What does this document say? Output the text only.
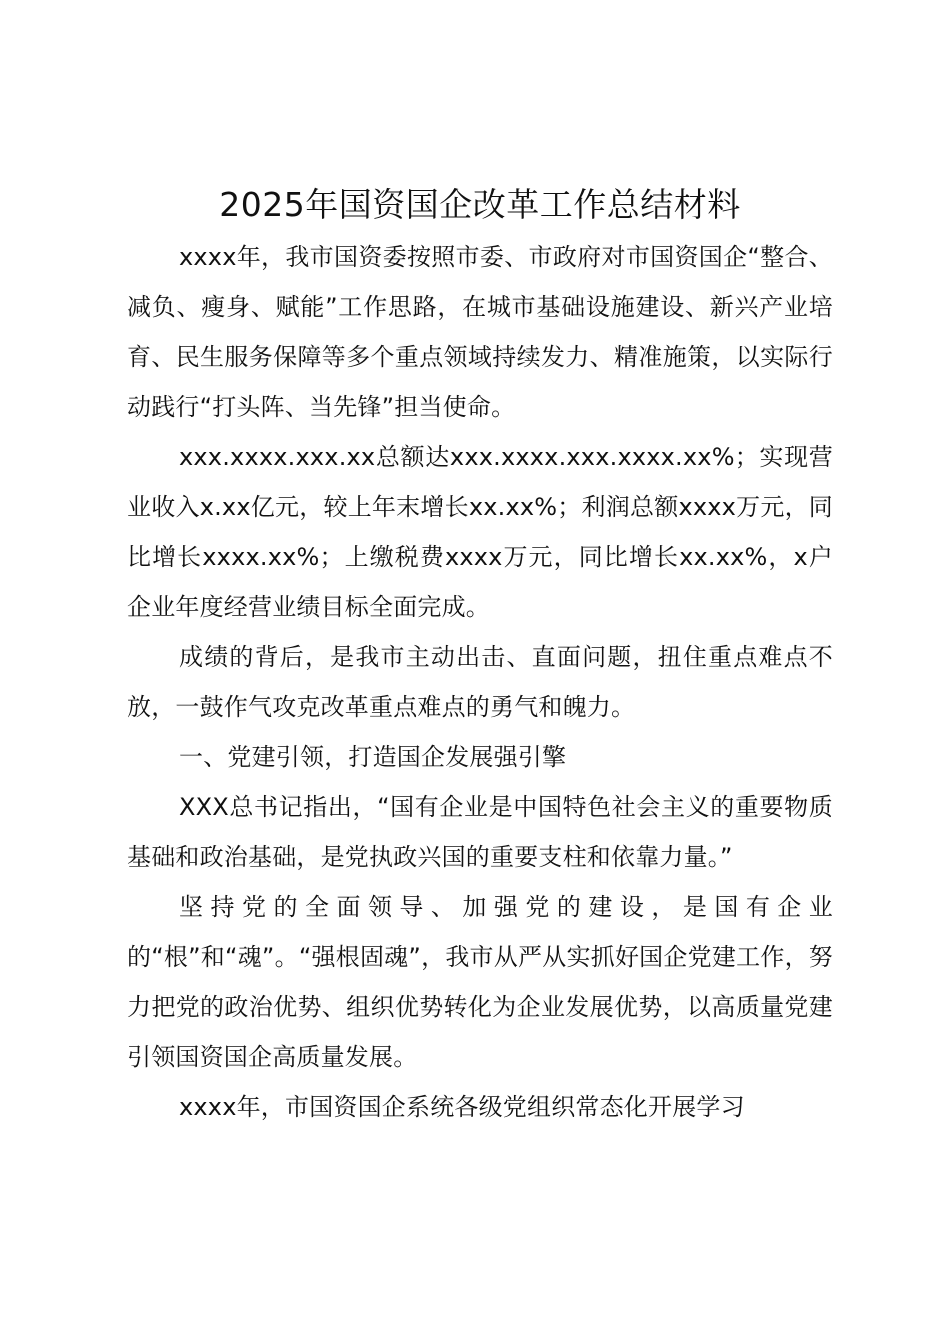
2025年国资国企改革工作总结材料

xxxx年，我市国资委按照市委、市政府对市国资国企“整合、减负、瘦身、赋能”工作思路，在城市基础设施建设、新兴产业培育、民生服务保障等多个重点领域持续发力、精准施策，以实际行动践行“打头阵、当先锋”担当使命。

xxx.xxxx.xxx.xx总额达xxx.xxxx.xxx.xxxx.xx%；实现营业收入x.xx亿元，较上年末增长xx.xx%；利润总额xxxx万元，同比增长xxxx.xx%；上缴税费xxxx万元，同比增长xx.xx%，x户企业年度经营业绩目标全面完成。

成绩的背后，是我市主动出击、直面问题，扭住重点难点不放，一鼓作气攻克改革重点难点的勇气和魄力。

一、党建引领，打造国企发展强引擎

XXX总书记指出，“国有企业是中国特色社会主义的重要物质基础和政治基础，是党执政兴国的重要支柱和依靠力量。”

坚持党的全面领导、加强党的建设，是国有企业的“根”和“魂”。“强根固魂”，我市从严从实抓好国企党建工作，努力把党的政治优势、组织优势转化为企业发展优势，以高质量党建引领国资国企高质量发展。

xxxx年，市国资国企系统各级党组织常态化开展学习
